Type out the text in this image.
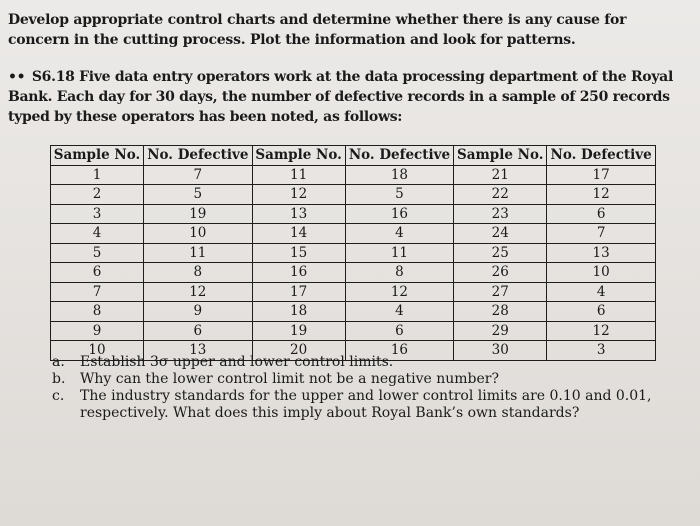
Develop appropriate control charts and determine whether there is any cause for concern in the cutting process. Plot the information and look for patterns.
•• S6.18 Five data entry operators work at the data processing department of the Royal Bank. Each day for 30 days, the number of defective records in a sample of 250 records typed by these operators has been noted, as follows:
Sample No.	No. Defective	Sample No.	No. Defective	Sample No.	No. Defective
1	7	11	18	21	17
2	5	12	5	22	12
3	19	13	16	23	6
4	10	14	4	24	7
5	11	15	11	25	13
6	8	16	8	26	10
7	12	17	12	27	4
8	9	18	4	28	6
9	6	19	6	29	12
10	13	20	16	30	3
a.	Establish 3σ upper and lower control limits.
b.	Why can the lower control limit not be a negative number?
c.	The industry standards for the upper and lower control limits are 0.10 and 0.01, respectively. What does this imply about Royal Bank’s own standards?
